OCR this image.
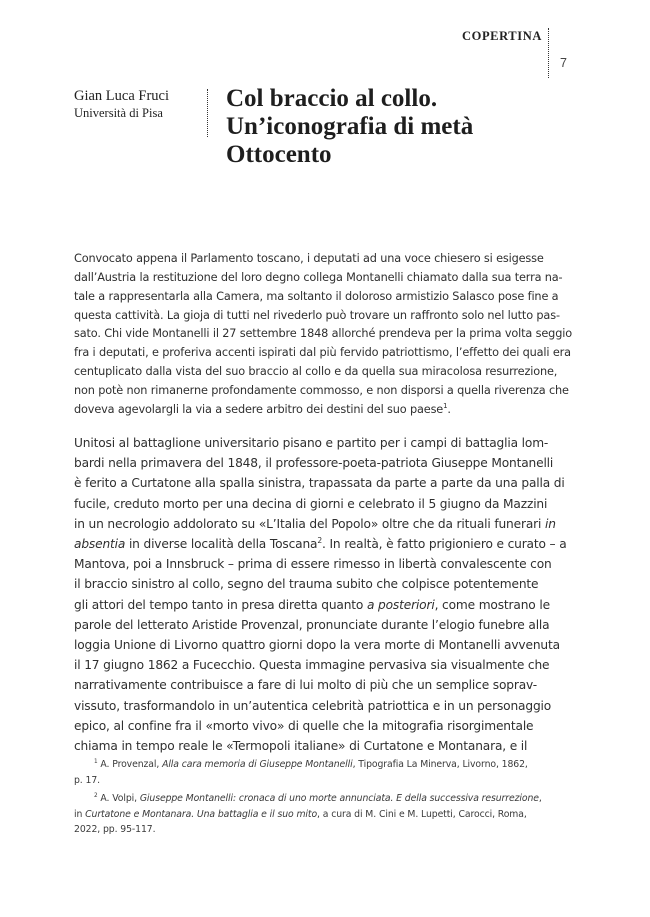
COPERTINA
7
Gian Luca Fruci
Università di Pisa
Col braccio al collo.
Un’iconografia di metà
Ottocento
Convocato appena il Parlamento toscano, i deputati ad una voce chiesero si esigesse
dall’Austria la restituzione del loro degno collega Montanelli chiamato dalla sua terra na-
tale a rappresentarla alla Camera, ma soltanto il doloroso armistizio Salasco pose fine a
questa cattività. La gioja di tutti nel rivederlo può trovare un raffronto solo nel lutto pas-
sato. Chi vide Montanelli il 27 settembre 1848 allorché prendeva per la prima volta seggio
fra i deputati, e proferiva accenti ispirati dal più fervido patriottismo, l’effetto dei quali era
centuplicato dalla vista del suo braccio al collo e da quella sua miracolosa resurrezione,
non potè non rimanerne profondamente commosso, e non disporsi a quella riverenza che
doveva agevolargli la via a sedere arbitro dei destini del suo paese$^1$.
Unitosi al battaglione universitario pisano e partito per i campi di battaglia lom-
bardi nella primavera del 1848, il professore-poeta-patriota Giuseppe Montanelli
è ferito a Curtatone alla spalla sinistra, trapassata da parte a parte da una palla di
fucile, creduto morto per una decina di giorni e celebrato il 5 giugno da Mazzini
in un necrologio addolorato su «L’Italia del Popolo» oltre che da rituali funerari in
absentia in diverse località della Toscana$^2$. In realtà, è fatto prigioniero e curato – a
Mantova, poi a Innsbruck – prima di essere rimesso in libertà convalescente con
il braccio sinistro al collo, segno del trauma subito che colpisce potentemente
gli attori del tempo tanto in presa diretta quanto a posteriori, come mostrano le
parole del letterato Aristide Provenzal, pronunciate durante l’elogio funebre alla
loggia Unione di Livorno quattro giorni dopo la vera morte di Montanelli avvenuta
il 17 giugno 1862 a Fucecchio. Questa immagine pervasiva sia visualmente che
narrativamente contribuisce a fare di lui molto di più che un semplice soprav-
vissuto, trasformandolo in un’autentica celebrità patriottica e in un personaggio
epico, al confine fra il «morto vivo» di quelle che la mitografia risorgimentale
chiama in tempo reale le «Termopoli italiane» di Curtatone e Montanara, e il
$^1$ A. Provenzal, Alla cara memoria di Giuseppe Montanelli, Tipografia La Minerva, Livorno, 1862,
p. 17.
$^2$ A. Volpi, Giuseppe Montanelli: cronaca di uno morte annunciata. E della successiva resurrezione,
in Curtatone e Montanara. Una battaglia e il suo mito, a cura di M. Cini e M. Lupetti, Carocci, Roma,
2022, pp. 95-117.
